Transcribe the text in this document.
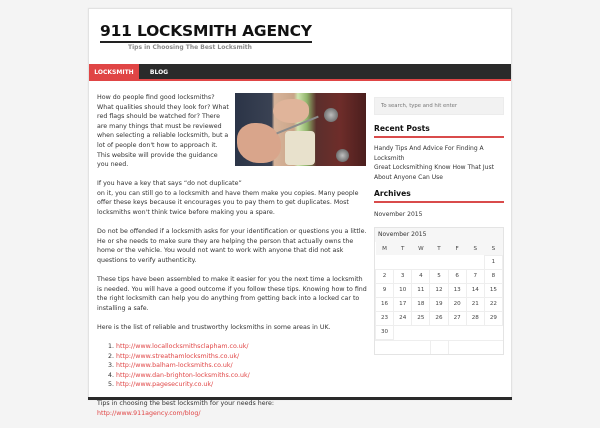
911 LOCKSMITH AGENCY
Tips in Choosing The Best Locksmith
LOCKSMITH	BLOG

How do people find good locksmiths? What qualities should they look for? What red flags should be watched for? There are many things that must be reviewed when selecting a reliable locksmith, but a lot of people don't how to approach it. This website will provide the guidance you need.

If you have a key that says “do not duplicate”
on it, you can still go to a locksmith and have them make you copies. Many people offer these keys because it encourages you to pay them to get duplicates. Most locksmiths won't think twice before making you a spare.

Do not be offended if a locksmith asks for your identification or questions you a little. He or she needs to make sure they are helping the person that actually owns the home or the vehicle. You would not want to work with anyone that did not ask questions to verify authenticity.

These tips have been assembled to make it easier for you the next time a locksmith is needed. You will have a good outcome if you follow these tips. Knowing how to find the right locksmith can help you do anything from getting back into a locked car to installing a safe.

Here is the list of reliable and trustworthy locksmiths in some areas in UK.

1. http://www.locallocksmithsclapham.co.uk/
2. http://www.streathamlocksmiths.co.uk/
3. http://www.balham-locksmiths.co.uk/
4. http://www.dan-brighton-locksmiths.co.uk/
5. http://www.pagesecurity.co.uk/

Tips in choosing the best locksmith for your needs here: http://www.911agency.com/blog/

To search, type and hit enter
Recent Posts
Handy Tips And Advice For Finding A Locksmith
Great Locksmithing Know How That Just About Anyone Can Use
Archives
November 2015
November 2015
M	T	W	T	F	S	S
						1
2	3	4	5	6	7	8
9	10	11	12	13	14	15
16	17	18	19	20	21	22
23	24	25	26	27	28	29
30						
